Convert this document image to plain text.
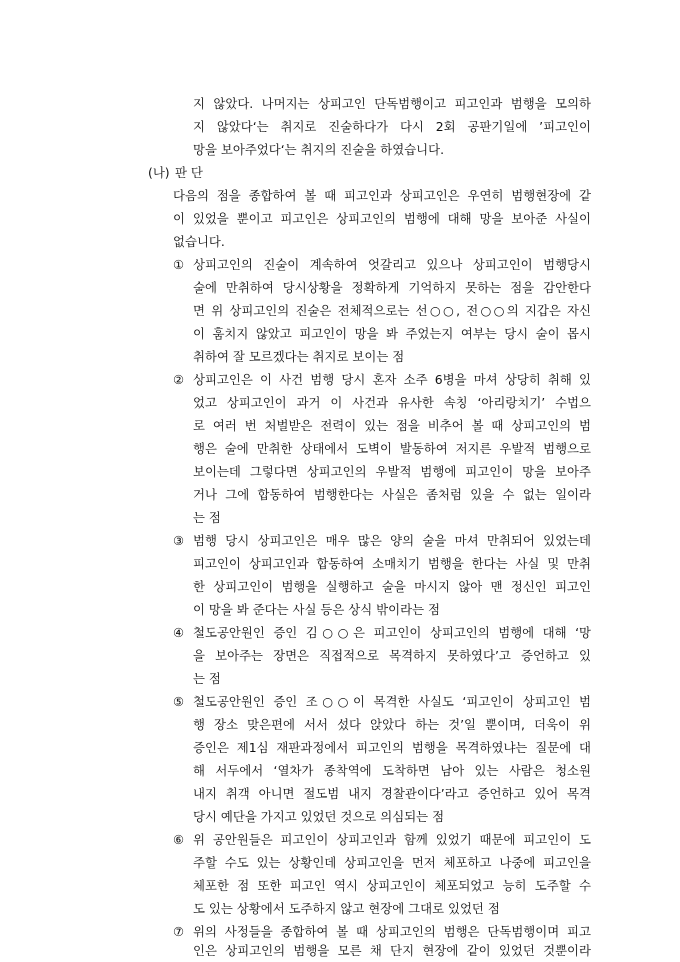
지 않았다. 나머지는 상피고인 단독범행이고 피고인과 범행을 모의하
지 않았다‘는 취지로 진술하다가 다시 2회 공판기일에 ’피고인이
망을 보아주었다‘는 취지의 진술을 하였습니다.
(나) 판 단
다음의 점을 종합하여 볼 때 피고인과 상피고인은 우연히 범행현장에 같
이 있었을 뿐이고 피고인은 상피고인의 범행에 대해 망을 보아준 사실이
없습니다.
① 상피고인의 진술이 계속하여 엇갈리고 있으나 상피고인이 범행당시
술에 만취하여 당시상황을 정확하게 기억하지 못하는 점을 감안한다
면 위 상피고인의 진술은 전체적으로는 선○○, 전○○의 지갑은 자신
이 훔치지 않았고 피고인이 망을 봐 주었는지 여부는 당시 술이 몹시
취하여 잘 모르겠다는 취지로 보이는 점
② 상피고인은 이 사건 범행 당시 혼자 소주 6병을 마셔 상당히 취해 있
었고 상피고인이 과거 이 사건과 유사한 속칭 ‘아리랑치기’ 수법으
로 여러 번 처벌받은 전력이 있는 점을 비추어 볼 때 상피고인의 범
행은 술에 만취한 상태에서 도벽이 발동하여 저지른 우발적 범행으로
보이는데 그렇다면 상피고인의 우발적 범행에 피고인이 망을 보아주
거나 그에 합동하여 범행한다는 사실은 좀처럼 있을 수 없는 일이라
는 점
③ 범행 당시 상피고인은 매우 많은 양의 술을 마셔 만취되어 있었는데
피고인이 상피고인과 합동하여 소매치기 범행을 한다는 사실 및 만취
한 상피고인이 범행을 실행하고 술을 마시지 않아 맨 정신인 피고인
이 망을 봐 준다는 사실 등은 상식 밖이라는 점
④ 철도공안원인 증인 김○○은 피고인이 상피고인의 범행에 대해 ‘망
을 보아주는 장면은 직접적으로 목격하지 못하였다’고 증언하고 있
는 점
⑤ 철도공안원인 증인 조○○이 목격한 사실도 ‘피고인이 상피고인 범
행 장소 맞은편에 서서 섰다 앉았다 하는 것’일 뿐이며, 더욱이 위
증인은 제1심 재판과정에서 피고인의 범행을 목격하였냐는 질문에 대
해 서두에서 ‘열차가 종착역에 도착하면 남아 있는 사람은 청소원
내지 취객 아니면 절도범 내지 경찰관이다’라고 증언하고 있어 목격
당시 예단을 가지고 있었던 것으로 의심되는 점
⑥ 위 공안원들은 피고인이 상피고인과 함께 있었기 때문에 피고인이 도
주할 수도 있는 상황인데 상피고인을 먼저 체포하고 나중에 피고인을
체포한 점 또한 피고인 역시 상피고인이 체포되었고 능히 도주할 수
도 있는 상황에서 도주하지 않고 현장에 그대로 있었던 점
⑦ 위의 사정들을 종합하여 볼 때 상피고인의 범행은 단독범행이며 피고
인은 상피고인의 범행을 모른 채 단지 현장에 같이 있었던 것뿐이라
